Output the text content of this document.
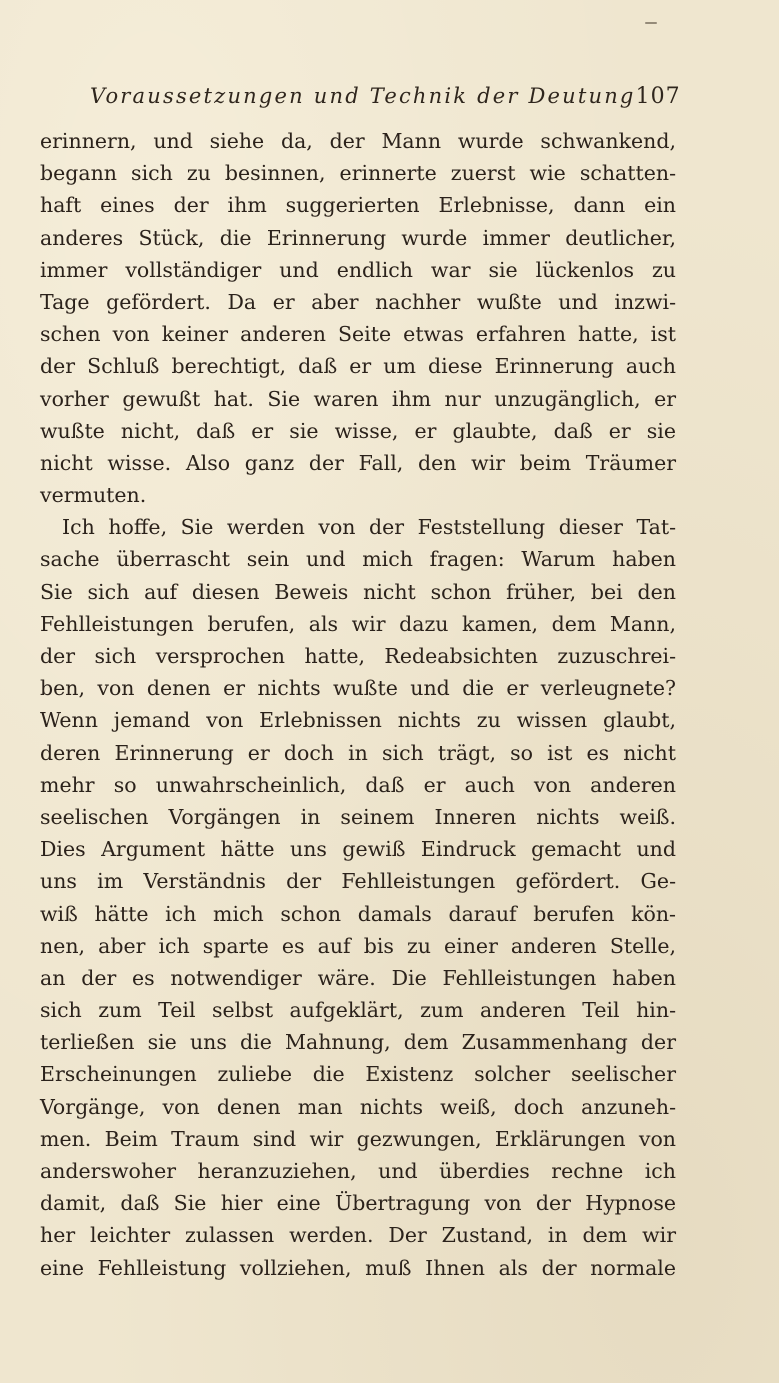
Voraussetzungen und Technik der Deutung 107
erinnern, und siehe da, der Mann wurde schwankend,
begann sich zu besinnen, erinnerte zuerst wie schatten-
haft eines der ihm suggerierten Erlebnisse, dann ein
anderes Stück, die Erinnerung wurde immer deutlicher,
immer vollständiger und endlich war sie lückenlos zu
Tage gefördert. Da er aber nachher wußte und inzwi-
schen von keiner anderen Seite etwas erfahren hatte, ist
der Schluß berechtigt, daß er um diese Erinnerung auch
vorher gewußt hat. Sie waren ihm nur unzugänglich, er
wußte nicht, daß er sie wisse, er glaubte, daß er sie
nicht wisse. Also ganz der Fall, den wir beim Träumer
vermuten.
Ich hoffe, Sie werden von der Feststellung dieser Tat-
sache überrascht sein und mich fragen: Warum haben
Sie sich auf diesen Beweis nicht schon früher, bei den
Fehlleistungen berufen, als wir dazu kamen, dem Mann,
der sich versprochen hatte, Redeabsichten zuzuschrei-
ben, von denen er nichts wußte und die er verleugnete?
Wenn jemand von Erlebnissen nichts zu wissen glaubt,
deren Erinnerung er doch in sich trägt, so ist es nicht
mehr so unwahrscheinlich, daß er auch von anderen
seelischen Vorgängen in seinem Inneren nichts weiß.
Dies Argument hätte uns gewiß Eindruck gemacht und
uns im Verständnis der Fehlleistungen gefördert. Ge-
wiß hätte ich mich schon damals darauf berufen kön-
nen, aber ich sparte es auf bis zu einer anderen Stelle,
an der es notwendiger wäre. Die Fehlleistungen haben
sich zum Teil selbst aufgeklärt, zum anderen Teil hin-
terließen sie uns die Mahnung, dem Zusammenhang der
Erscheinungen zuliebe die Existenz solcher seelischer
Vorgänge, von denen man nichts weiß, doch anzuneh-
men. Beim Traum sind wir gezwungen, Erklärungen von
anderswoher heranzuziehen, und überdies rechne ich
damit, daß Sie hier eine Übertragung von der Hypnose
her leichter zulassen werden. Der Zustand, in dem wir
eine Fehlleistung vollziehen, muß Ihnen als der normale
